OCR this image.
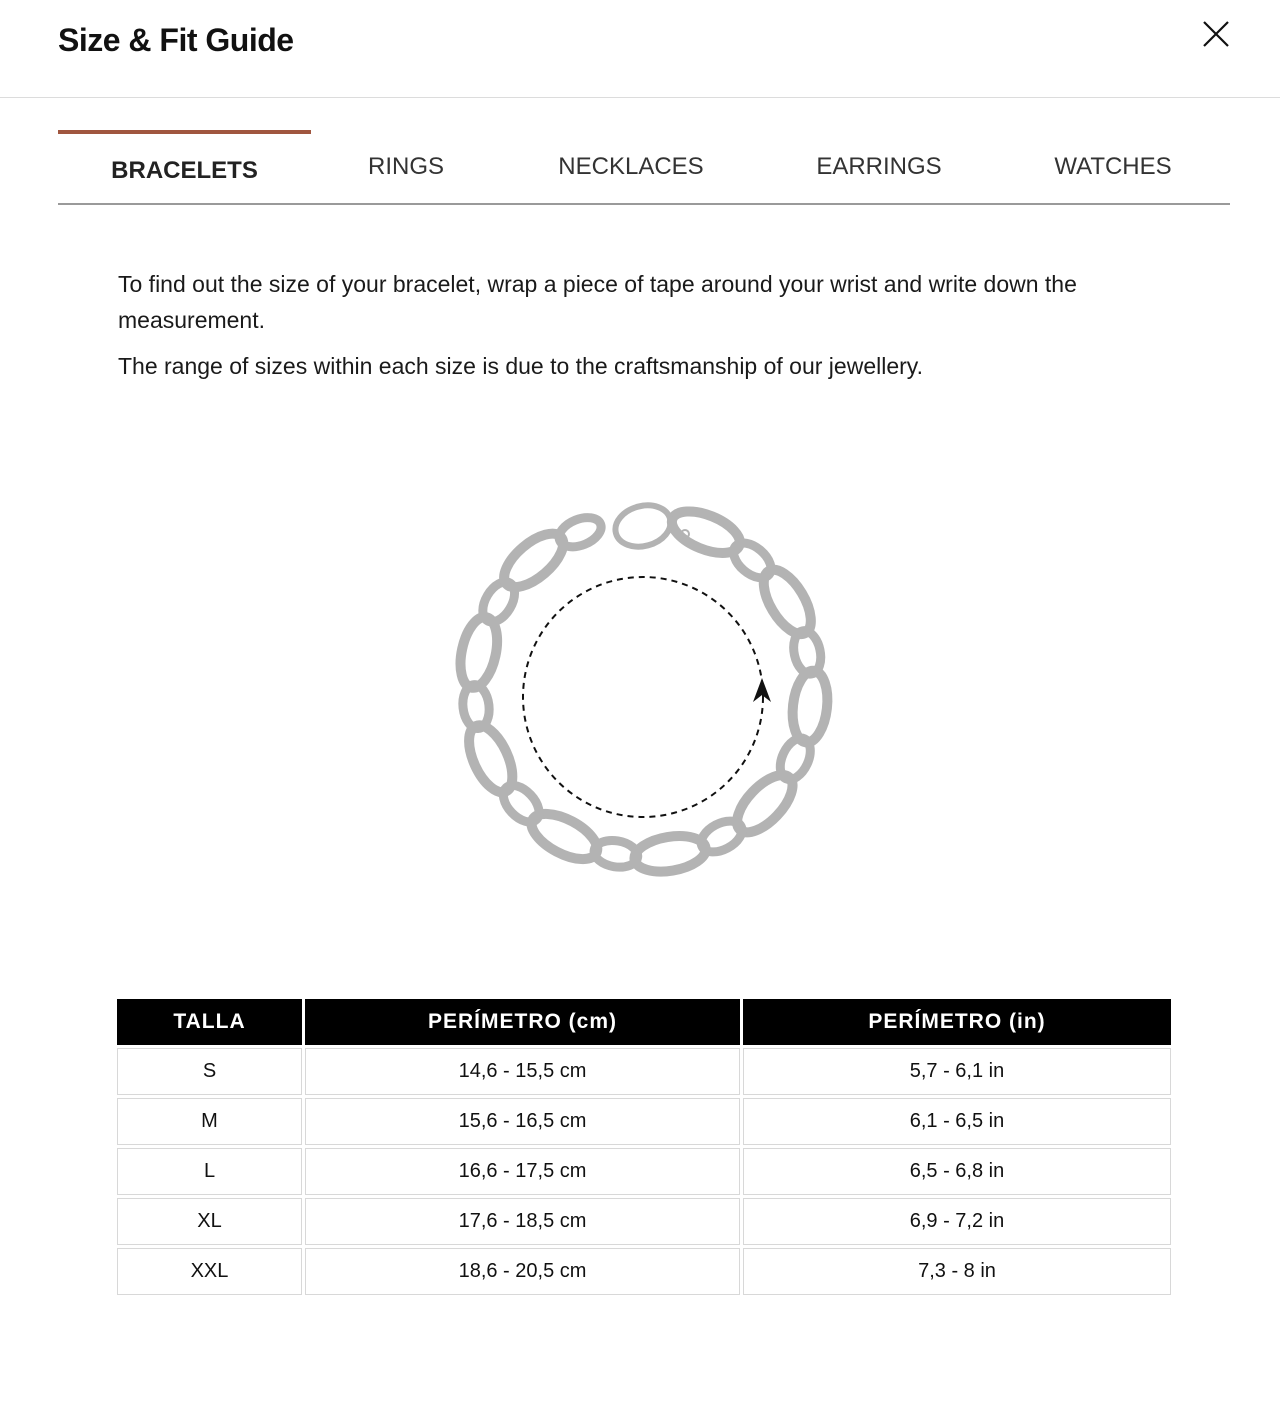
Size & Fit Guide
BRACELETS	RINGS	NECKLACES	EARRINGS	WATCHES

To find out the size of your bracelet, wrap a piece of tape around your wrist and write down the measurement.

The range of sizes within each size is due to the craftsmanship of our jewellery.

TALLA	PERÍMETRO (cm)	PERÍMETRO (in)
S	14,6 - 15,5 cm	5,7 - 6,1 in
M	15,6 - 16,5 cm	6,1 - 6,5 in
L	16,6 - 17,5 cm	6,5 - 6,8 in
XL	17,6 - 18,5 cm	6,9 - 7,2 in
XXL	18,6 - 20,5 cm	7,3 - 8 in
